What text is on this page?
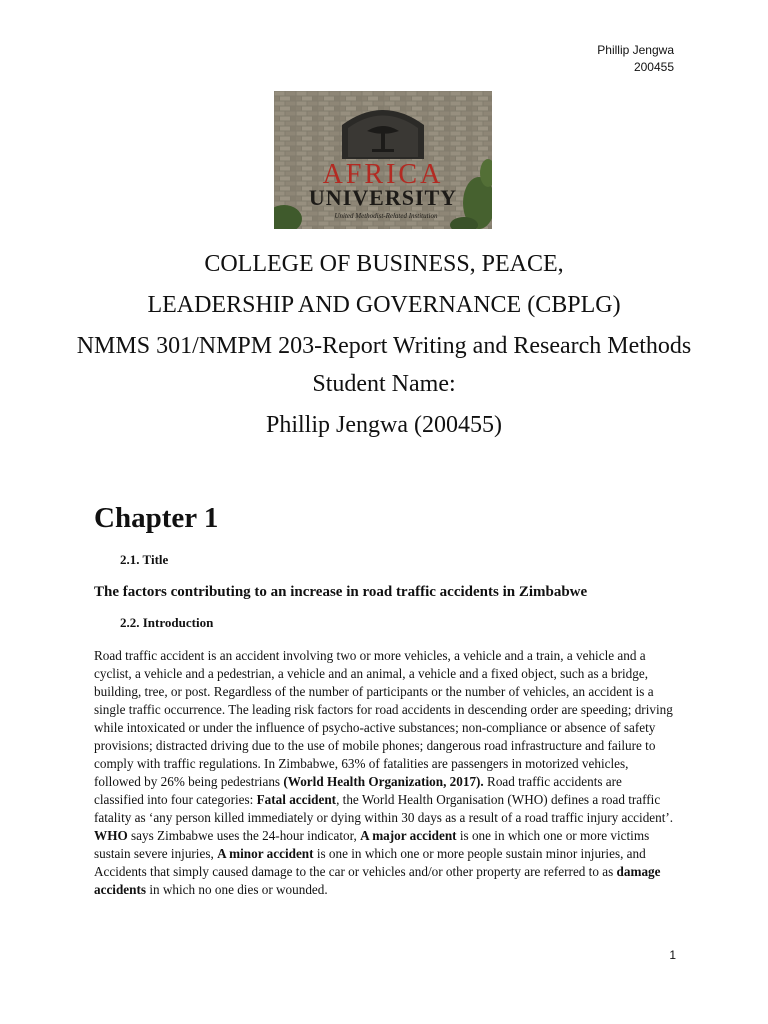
Phillip Jengwa
200455
AFRICA
UNIVERSITY
United Methodist-Related Institution
COLLEGE OF BUSINESS, PEACE,
LEADERSHIP AND GOVERNANCE (CBPLG)
NMMS 301/NMPM 203-Report Writing and Research Methods
Student Name:
Phillip Jengwa (200455)
Chapter 1
2.1. Title
The factors contributing to an increase in road traffic accidents in Zimbabwe
2.2. Introduction
Road traffic accident is an accident involving two or more vehicles, a vehicle and a train, a vehicle and a cyclist, a vehicle and a pedestrian, a vehicle and an animal, a vehicle and a fixed object, such as a bridge, building, tree, or post. Regardless of the number of participants or the number of vehicles, an accident is a single traffic occurrence. The leading risk factors for road accidents in descending order are speeding; driving while intoxicated or under the influence of psycho-active substances; non-compliance or absence of safety provisions; distracted driving due to the use of mobile phones; dangerous road infrastructure and failure to comply with traffic regulations. In Zimbabwe, 63% of fatalities are passengers in motorized vehicles, followed by 26% being pedestrians (World Health Organization, 2017). Road traffic accidents are classified into four categories: Fatal accident, the World Health Organisation (WHO) defines a road traffic fatality as ‘any person killed immediately or dying within 30 days as a result of a road traffic injury accident’. WHO says Zimbabwe uses the 24-hour indicator, A major accident is one in which one or more victims sustain severe injuries, A minor accident is one in which one or more people sustain minor injuries, and Accidents that simply caused damage to the car or vehicles and/or other property are referred to as damage accidents in which no one dies or wounded.
1
